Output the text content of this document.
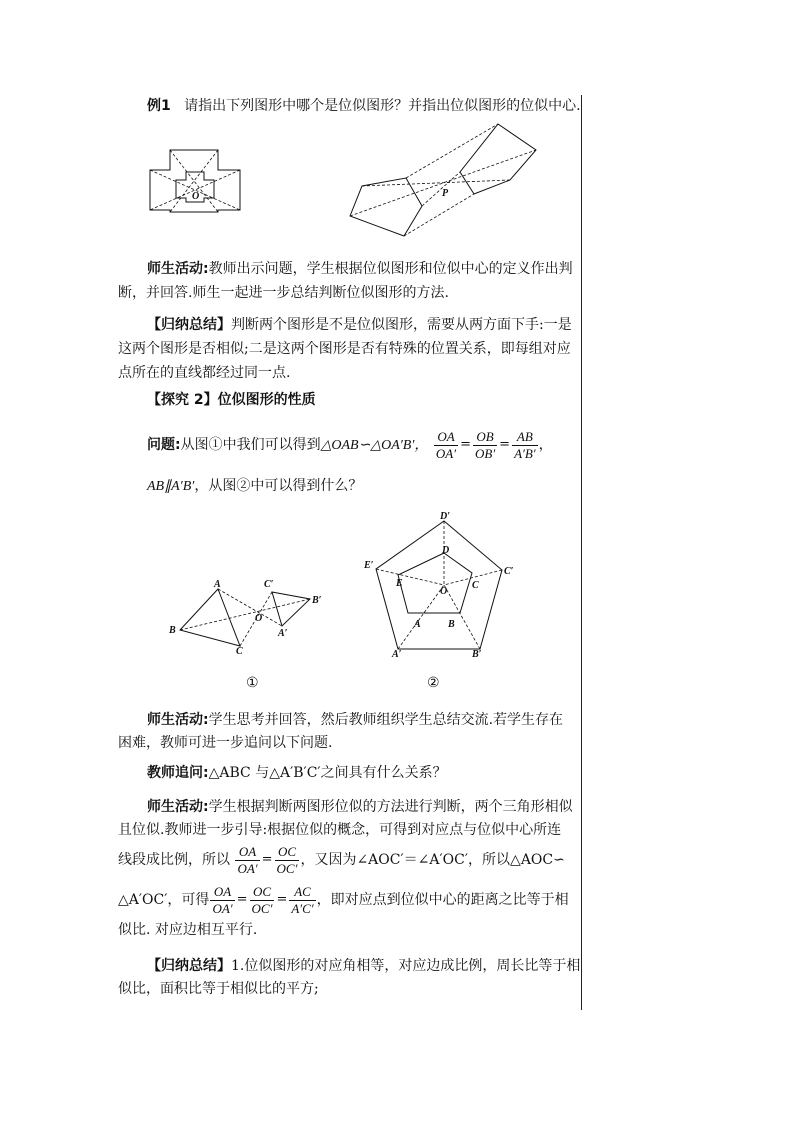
例1 请指出下列图形中哪个是位似图形？并指出位似图形的位似中心.
O	P
师生活动:教师出示问题，学生根据位似图形和位似中心的定义作出判
断，并回答.师生一起进一步总结判断位似图形的方法.
【归纳总结】判断两个图形是不是位似图形，需要从两方面下手:一是
这两个图形是否相似;二是这两个图形是否有特殊的位置关系，即每组对应
点所在的直线都经过同一点.
【探究 2】位似图形的性质
问题:从图①中我们可以得到△OAB∽△OA′B′， $\frac{OA}{OA'} = \frac{OB}{OB'} = \frac{AB}{A'B'}$ ，
AB∥A′B′，从图②中可以得到什么？
A
B
C
O
A′
B′
C′
①
D′
E′
C′
A′	B′
D
E	C
A	B
O
②
师生活动:学生思考并回答，然后教师组织学生总结交流.若学生存在
困难，教师可进一步追问以下问题.
教师追问:△ABC 与△A′B′C′之间具有什么关系？
师生活动:学生根据判断两图形位似的方法进行判断，两个三角形相似
且位似.教师进一步引导:根据位似的概念，可得到对应点与位似中心所连
线段成比例，所以 $\frac{OA}{OA'} = \frac{OC}{OC'}$ ，又因为∠AOC′＝∠A′OC′，所以△AOC∽
△A′OC′，可得 $\frac{OA}{OA'} = \frac{OC}{OC'} = \frac{AC}{A'C'}$ ，即对应点到位似中心的距离之比等于相
似比. 对应边相互平行.
【归纳总结】1.位似图形的对应角相等，对应边成比例，周长比等于相
似比，面积比等于相似比的平方;
